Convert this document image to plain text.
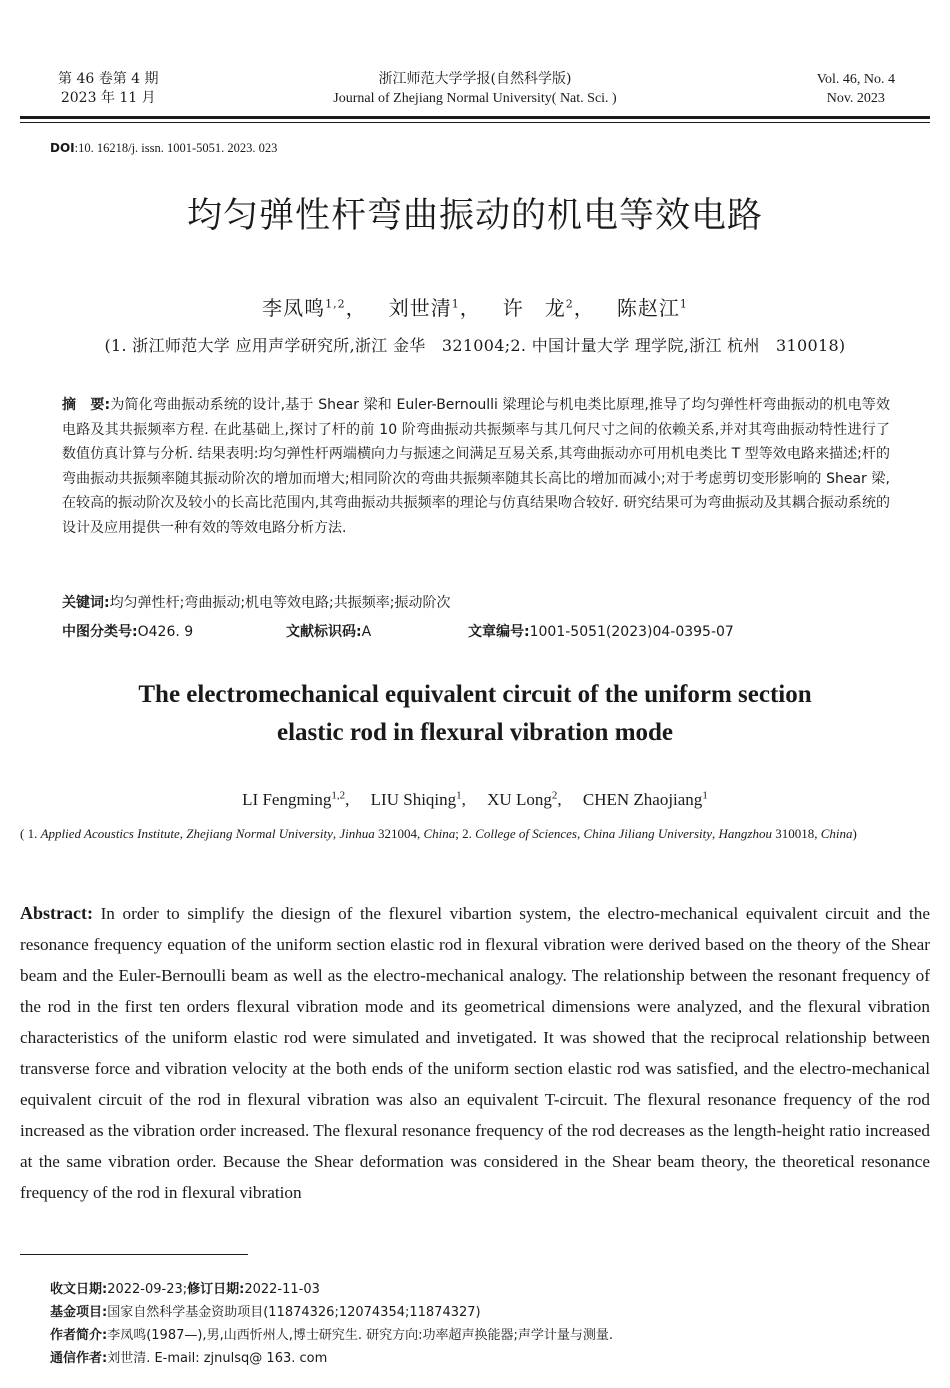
第 46 卷第 4 期
2023 年 11 月
浙江师范大学学报(自然科学版)
Journal of Zhejiang Normal University( Nat. Sci. )
Vol. 46, No. 4
Nov. 2023
DOI:10. 16218/j. issn. 1001-5051. 2023. 023
均匀弹性杆弯曲振动的机电等效电路
李凤鸣$^{1,2}$， 刘世清$^1$， 许　龙$^2$， 陈赵江$^1$
(1. 浙江师范大学 应用声学研究所,浙江 金华　321004;2. 中国计量大学 理学院,浙江 杭州　310018)
摘　要:为简化弯曲振动系统的设计,基于 Shear 梁和 Euler-Bernoulli 梁理论与机电类比原理,推导了均匀弹性杆弯曲振动的机电等效电路及其共振频率方程. 在此基础上,探讨了杆的前 10 阶弯曲振动共振频率与其几何尺寸之间的依赖关系,并对其弯曲振动特性进行了数值仿真计算与分析. 结果表明:均匀弹性杆两端横向力与振速之间满足互易关系,其弯曲振动亦可用机电类比 T 型等效电路来描述;杆的弯曲振动共振频率随其振动阶次的增加而增大;相同阶次的弯曲共振频率随其长高比的增加而减小;对于考虑剪切变形影响的 Shear 梁,在较高的振动阶次及较小的长高比范围内,其弯曲振动共振频率的理论与仿真结果吻合较好. 研究结果可为弯曲振动及其耦合振动系统的设计及应用提供一种有效的等效电路分析方法.
关键词:均匀弹性杆;弯曲振动;机电等效电路;共振频率;振动阶次
中图分类号:O426. 9	文献标识码:A	文章编号:1001-5051(2023)04-0395-07
The electromechanical equivalent circuit of the uniform section
elastic rod in flexural vibration mode
LI Fengming$^{1,2}$, LIU Shiqing$^1$, XU Long$^2$, CHEN Zhaojiang$^1$
( 1. Applied Acoustics Institute, Zhejiang Normal University, Jinhua 321004, China; 2. College of Sciences, China Jiliang University, Hangzhou 310018, China)
Abstract: In order to simplify the diesign of the flexurel vibartion system, the electro-mechanical equivalent circuit and the resonance frequency equation of the uniform section elastic rod in flexural vibration were derived based on the theory of the Shear beam and the Euler-Bernoulli beam as well as the electro-mechanical analogy. The relationship between the resonant frequency of the rod in the first ten orders flexural vibration mode and its geometrical dimensions were analyzed, and the flexural vibration characteristics of the uniform elastic rod were simulated and invetigated. It was showed that the reciprocal relationship between transverse force and vibration velocity at the both ends of the uniform section elastic rod was satisfied, and the electro-mechanical equivalent circuit of the rod in flexural vibration was also an equivalent T-circuit. The flexural resonance frequency of the rod increased as the vibration order increased. The flexural resonance frequency of the rod decreases as the length-height ratio increased at the same vibration order. Because the Shear deformation was considered in the Shear beam theory, the theoretical resonance frequency of the rod in flexural vibration
收文日期:2022-09-23;修订日期:2022-11-03
基金项目:国家自然科学基金资助项目(11874326;12074354;11874327)
作者简介:李凤鸣(1987—),男,山西忻州人,博士研究生. 研究方向:功率超声换能器;声学计量与测量.
通信作者:刘世清. E-mail: zjnulsq@ 163. com
